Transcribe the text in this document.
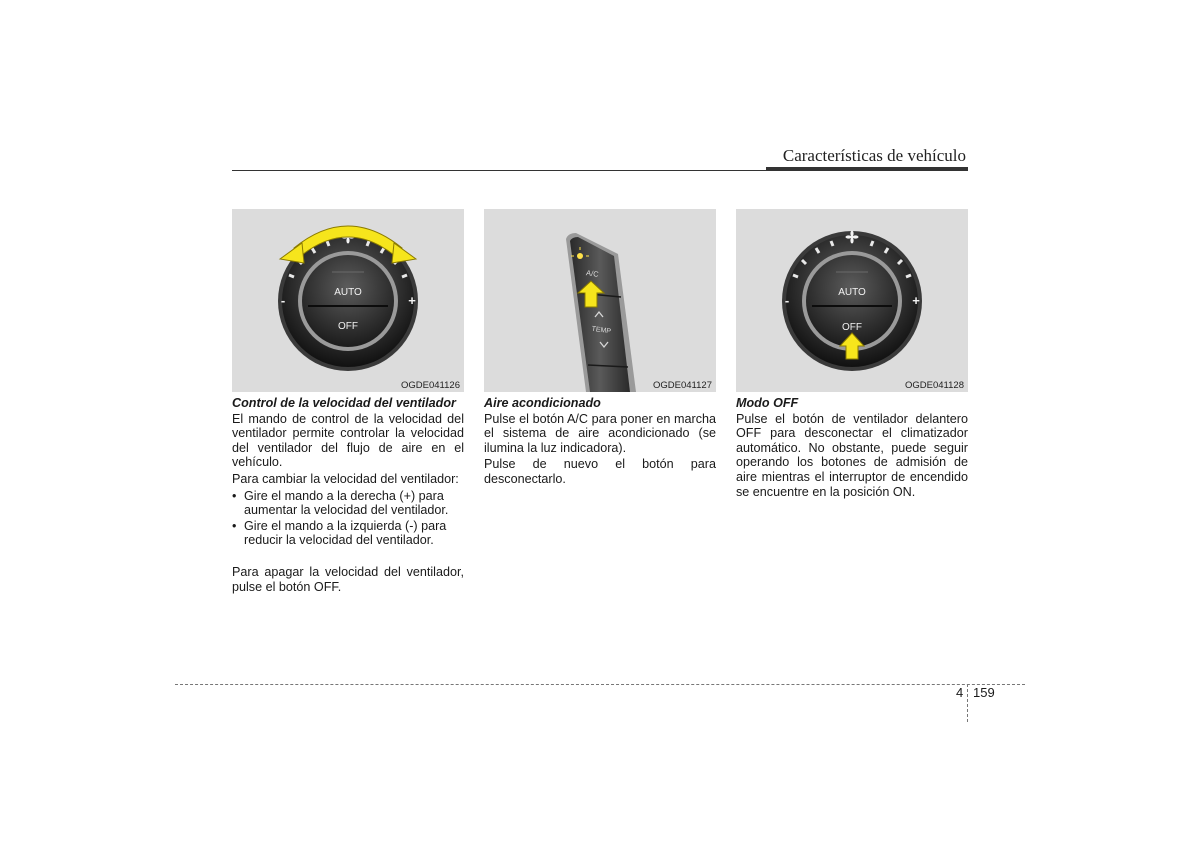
Características de vehículo
AUTO
OFF
-	+
OGDE041126
A/C
TEMP
OGDE041127
AUTO
OFF
-	+
OGDE041128

Control de la velocidad del ventilador

El mando de control de la velocidad del ventilador permite controlar la velocidad del ventilador del flujo de aire en el vehículo.

Para cambiar la velocidad del ventilador:

• Gire el mando a la derecha (+) para aumentar la velocidad del ventilador.
• Gire el mando a la izquierda (-) para reducir la velocidad del ventilador.

Para apagar la velocidad del ventilador, pulse el botón OFF.

Aire acondicionado

Pulse el botón A/C para poner en marcha el sistema de aire acondicionado (se ilumina la luz indicadora).

Pulse de nuevo el botón para desconectarlo.

Modo OFF

Pulse el botón de ventilador delantero OFF para desconectar el climatizador automático. No obstante, puede seguir operando los botones de admisión de aire mientras el interruptor de encendido se encuentre en la posición ON.

4 159
